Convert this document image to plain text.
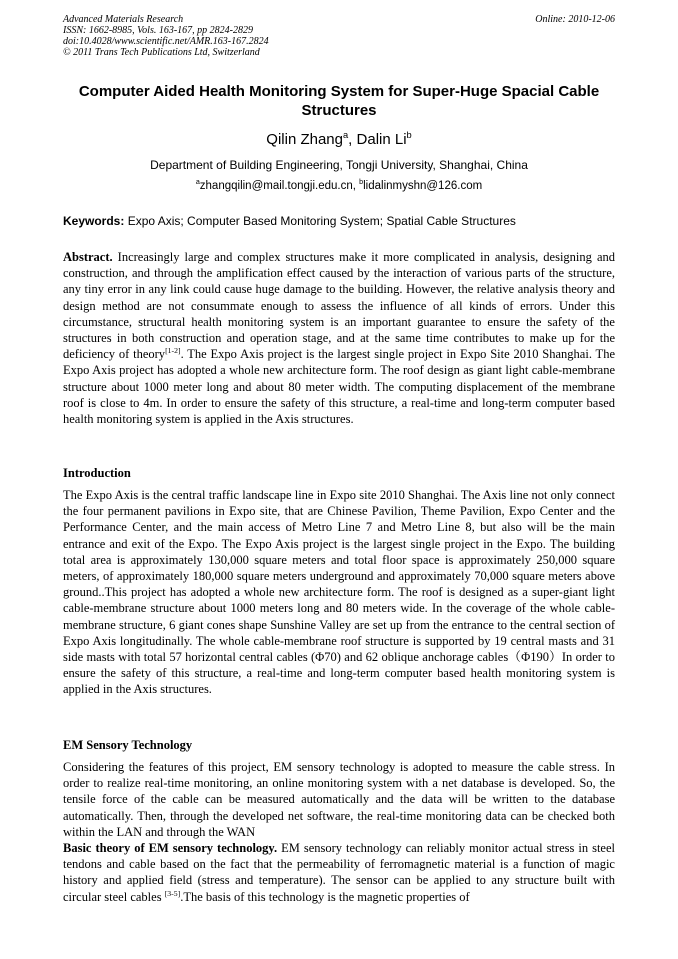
Advanced Materials Research
ISSN: 1662-8985, Vols. 163-167, pp 2824-2829
doi:10.4028/www.scientific.net/AMR.163-167.2824
© 2011 Trans Tech Publications Ltd, Switzerland
Online: 2010-12-06
Computer Aided Health Monitoring System for Super-Huge Spacial Cable Structures
Qilin Zhang$^a$, Dalin Li$^b$
Department of Building Engineering, Tongji University, Shanghai, China
$^a$zhangqilin@mail.tongji.edu.cn, $^b$lidalinmyshn@126.com
Keywords: Expo Axis; Computer Based Monitoring System; Spatial Cable Structures

Abstract. Increasingly large and complex structures make it more complicated in analysis, designing and construction, and through the amplification effect caused by the interaction of various parts of the structure, any tiny error in any link could cause huge damage to the building. However, the relative analysis theory and design method are not consummate enough to assess the influence of all kinds of errors. Under this circumstance, structural health monitoring system is an important guarantee to ensure the safety of the structures in both construction and operation stage, and at the same time contributes to make up for the deficiency of theory[1-2]. The Expo Axis project is the largest single project in Expo Site 2010 Shanghai. The Expo Axis project has adopted a whole new architecture form. The roof design as giant light cable-membrane structure about 1000 meter long and about 80 meter width. The computing displacement of the membrane roof is close to 4m. In order to ensure the safety of this structure, a real-time and long-term computer based health monitoring system is applied in the Axis structures.

Introduction

The Expo Axis is the central traffic landscape line in Expo site 2010 Shanghai. The Axis line not only connect the four permanent pavilions in Expo site, that are Chinese Pavilion, Theme Pavilion, Expo Center and the Performance Center, and the main access of Metro Line 7 and Metro Line 8, but also will be the main entrance and exit of the Expo. The Expo Axis project is the largest single project in the Expo. The building total area is approximately 130,000 square meters and total floor space is approximately 250,000 square meters, of approximately 180,000 square meters underground and approximately 70,000 square meters above ground..This project has adopted a whole new architecture form. The roof is designed as a super-giant light cable-membrane structure about 1000 meters long and 80 meters wide. In the coverage of the whole cable-membrane structure, 6 giant cones shape Sunshine Valley are set up from the entrance to the central section of Expo Axis longitudinally. The whole cable-membrane roof structure is supported by 19 central masts and 31 side masts with total 57 horizontal central cables (Φ70) and 62 oblique anchorage cables（Φ190）In order to ensure the safety of this structure, a real-time and long-term computer based health monitoring system is applied in the Axis structures.

EM Sensory Technology

Considering the features of this project, EM sensory technology is adopted to measure the cable stress. In order to realize real-time monitoring, an online monitoring system with a net database is developed. So, the tensile force of the cable can be measured automatically and the data will be written to the database automatically. Then, through the developed net software, the real-time monitoring data can be checked both within the LAN and through the WAN

Basic theory of EM sensory technology. EM sensory technology can reliably monitor actual stress in steel tendons and cable based on the fact that the permeability of ferromagnetic material is a function of magic history and applied field (stress and temperature). The sensor can be applied to any structure built with circular steel cables [3-5].The basis of this technology is the magnetic properties of
